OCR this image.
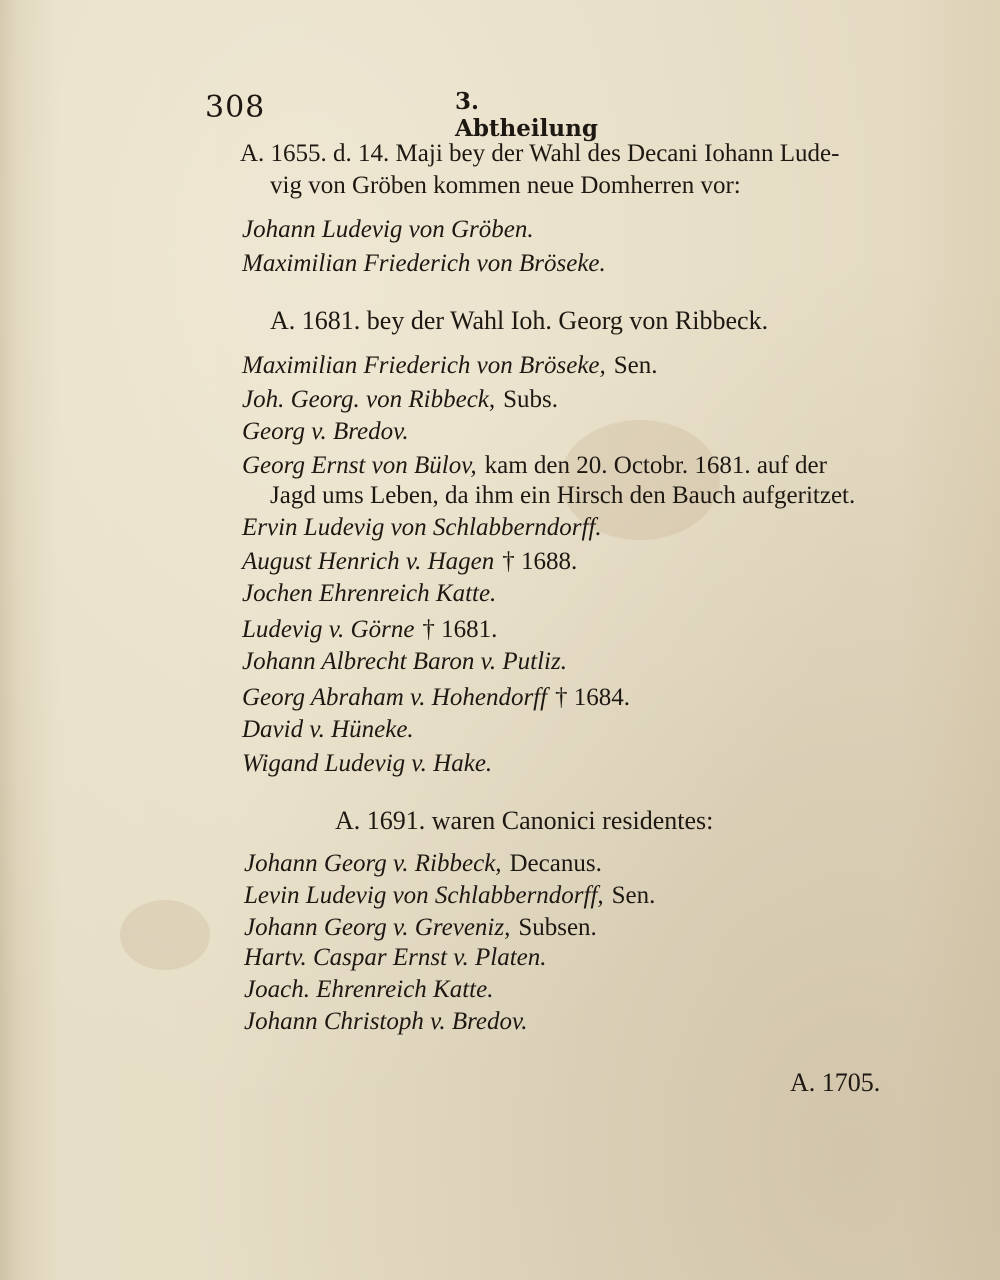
308	3. Abtheilung
A. 1655. d. 14. Maji bey der Wahl des Decani Iohann Lude-
vig von Gröben kommen neue Domherren vor:
Johann Ludevig von Gröben.
Maximilian Friederich von Bröseke.
A. 1681. bey der Wahl Ioh. Georg von Ribbeck.
Maximilian Friederich von Bröseke, Sen.
Joh. Georg. von Ribbeck, Subs.
Georg v. Bredov.
Georg Ernst von Bülov, kam den 20. Octobr. 1681. auf der
Jagd ums Leben, da ihm ein Hirsch den Bauch aufgeritzet.
Ervin Ludevig von Schlabberndorff.
August Henrich v. Hagen † 1688.
Jochen Ehrenreich Katte.
Ludevig v. Görne † 1681.
Johann Albrecht Baron v. Putliz.
Georg Abraham v. Hohendorff † 1684.
David v. Hüneke.
Wigand Ludevig v. Hake.
A. 1691. waren Canonici residentes:
Johann Georg v. Ribbeck, Decanus.
Levin Ludevig von Schlabberndorff, Sen.
Johann Georg v. Greveniz, Subsen.
Hartv. Caspar Ernst v. Platen.
Joach. Ehrenreich Katte.
Johann Christoph v. Bredov.
A. 1705.
